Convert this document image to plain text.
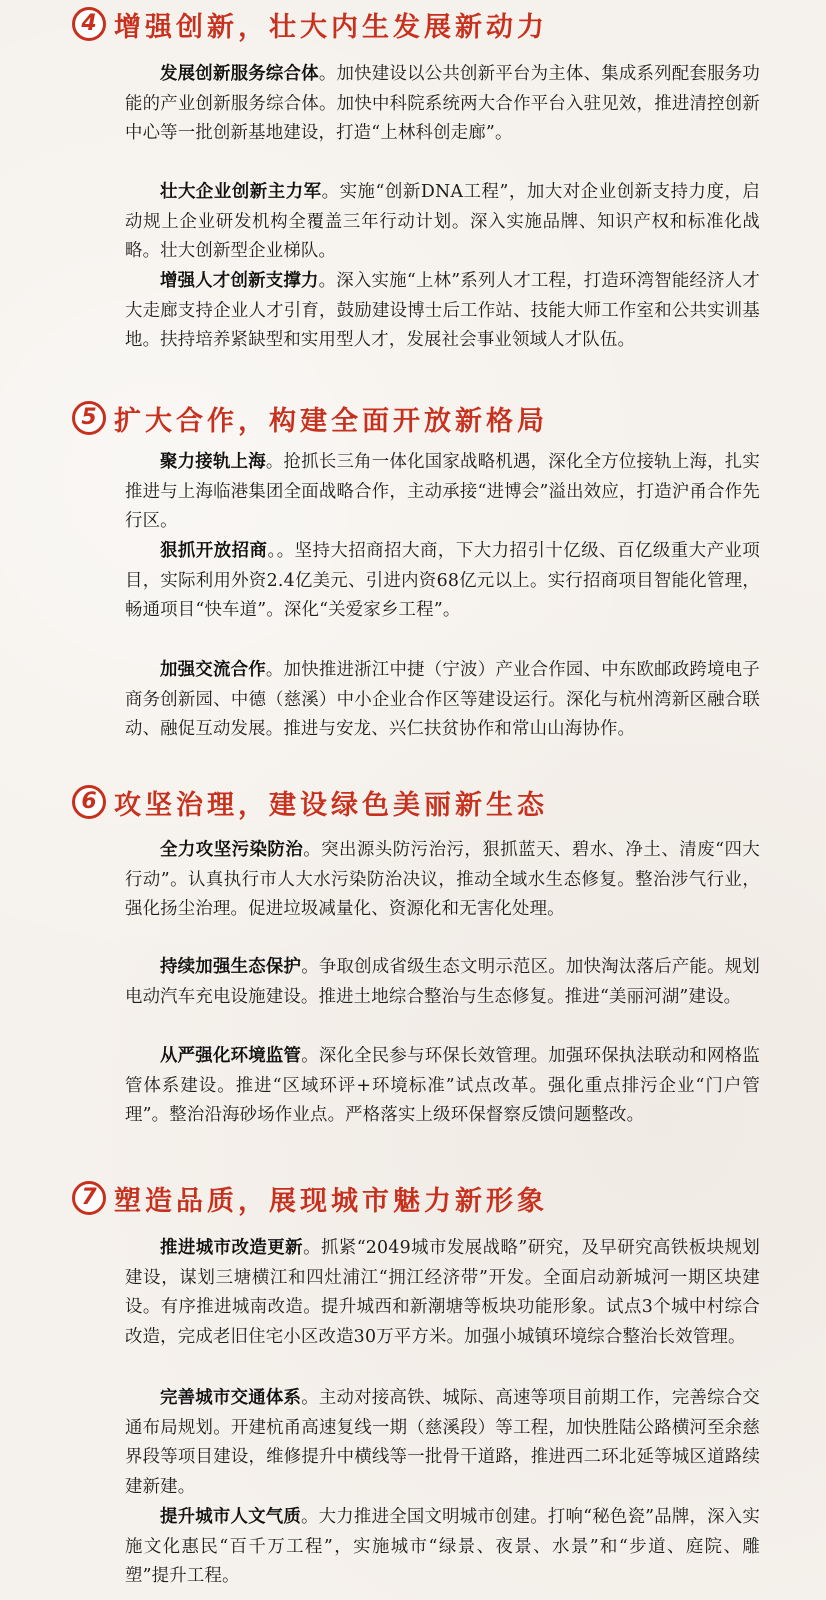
4 增强创新，壮大内生发展新动力

发展创新服务综合体。加快建设以公共创新平台为主体、集成系列配套服务功能的产业创新服务综合体。加快中科院系统两大合作平台入驻见效，推进清控创新中心等一批创新基地建设，打造“上林科创走廊”。

壮大企业创新主力军。实施“创新DNA工程”，加大对企业创新支持力度，启动规上企业研发机构全覆盖三年行动计划。深入实施品牌、知识产权和标准化战略。壮大创新型企业梯队。

增强人才创新支撑力。深入实施“上林”系列人才工程，打造环湾智能经济人才大走廊支持企业人才引育，鼓励建设博士后工作站、技能大师工作室和公共实训基地。扶持培养紧缺型和实用型人才，发展社会事业领域人才队伍。

5 扩大合作，构建全面开放新格局

聚力接轨上海。抢抓长三角一体化国家战略机遇，深化全方位接轨上海，扎实推进与上海临港集团全面战略合作，主动承接“进博会”溢出效应，打造沪甬合作先行区。

狠抓开放招商。。坚持大招商招大商，下大力招引十亿级、百亿级重大产业项目，实际利用外资2.4亿美元、引进内资68亿元以上。实行招商项目智能化管理，畅通项目“快车道”。深化“关爱家乡工程”。

加强交流合作。加快推进浙江中捷（宁波）产业合作园、中东欧邮政跨境电子商务创新园、中德（慈溪）中小企业合作区等建设运行。深化与杭州湾新区融合联动、融促互动发展。推进与安龙、兴仁扶贫协作和常山山海协作。

6 攻坚治理，建设绿色美丽新生态

全力攻坚污染防治。突出源头防污治污，狠抓蓝天、碧水、净土、清废“四大行动”。认真执行市人大水污染防治决议，推动全域水生态修复。整治涉气行业，强化扬尘治理。促进垃圾减量化、资源化和无害化处理。

持续加强生态保护。争取创成省级生态文明示范区。加快淘汰落后产能。规划电动汽车充电设施建设。推进土地综合整治与生态修复。推进“美丽河湖”建设。

从严强化环境监管。深化全民参与环保长效管理。加强环保执法联动和网格监管体系建设。推进“区域环评+环境标准”试点改革。强化重点排污企业“门户管理”。整治沿海砂场作业点。严格落实上级环保督察反馈问题整改。

7 塑造品质，展现城市魅力新形象

推进城市改造更新。抓紧“2049城市发展战略”研究，及早研究高铁板块规划建设，谋划三塘横江和四灶浦江“拥江经济带”开发。全面启动新城河一期区块建设。有序推进城南改造。提升城西和新潮塘等板块功能形象。试点3个城中村综合改造，完成老旧住宅小区改造30万平方米。加强小城镇环境综合整治长效管理。

完善城市交通体系。主动对接高铁、城际、高速等项目前期工作，完善综合交通布局规划。开建杭甬高速复线一期（慈溪段）等工程，加快胜陆公路横河至余慈界段等项目建设，维修提升中横线等一批骨干道路，推进西二环北延等城区道路续建新建。

提升城市人文气质。大力推进全国文明城市创建。打响“秘色瓷”品牌，深入实施文化惠民“百千万工程”，实施城市“绿景、夜景、水景”和“步道、庭院、雕塑”提升工程。
